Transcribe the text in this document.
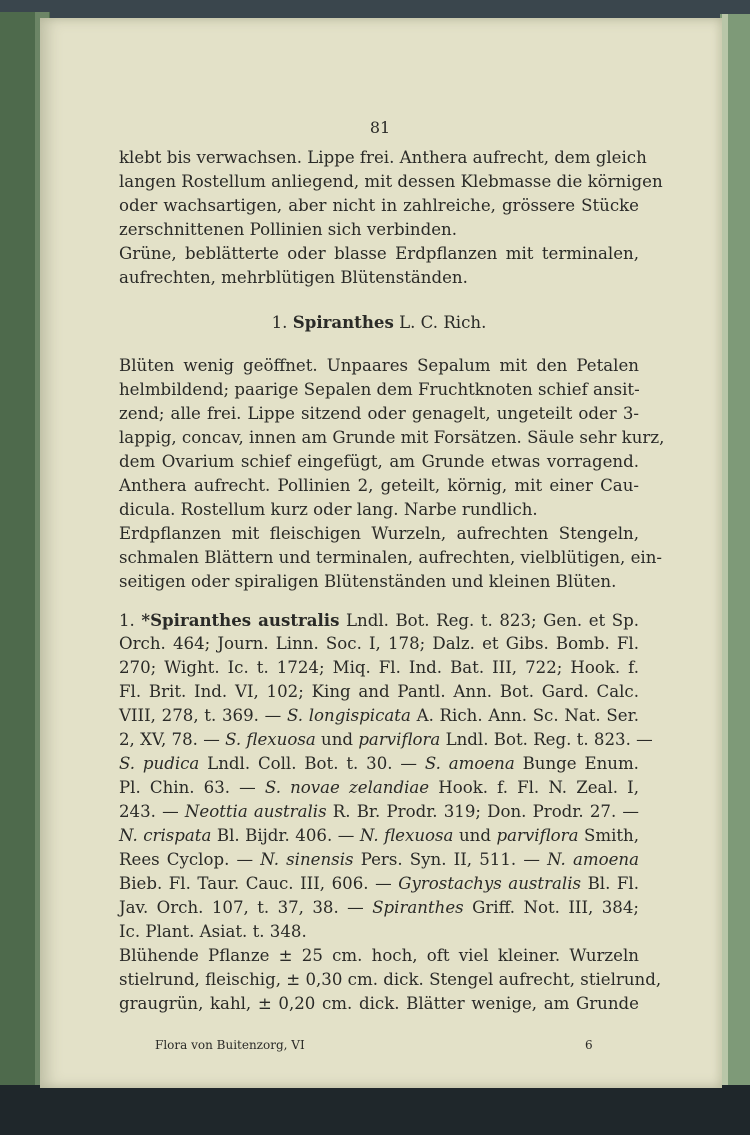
81
klebt bis verwachsen. Lippe frei. Anthera aufrecht, dem gleich
langen Rostellum anliegend, mit dessen Klebmasse die körnigen
oder wachsartigen, aber nicht in zahlreiche, grössere Stücke
zerschnittenen Pollinien sich verbinden.
Grüne, beblätterte oder blasse Erdpflanzen mit terminalen,
aufrechten, mehrblütigen Blütenständen.
1. Spiranthes L. C. Rich.
Blüten wenig geöffnet. Unpaares Sepalum mit den Petalen
helmbildend; paarige Sepalen dem Fruchtknoten schief ansit-
zend; alle frei. Lippe sitzend oder genagelt, ungeteilt oder 3-
lappig, concav, innen am Grunde mit Forsätzen. Säule sehr kurz,
dem Ovarium schief eingefügt, am Grunde etwas vorragend.
Anthera aufrecht. Pollinien 2, geteilt, körnig, mit einer Cau-
dicula. Rostellum kurz oder lang. Narbe rundlich.
Erdpflanzen mit fleischigen Wurzeln, aufrechten Stengeln,
schmalen Blättern und terminalen, aufrechten, vielblütigen, ein-
seitigen oder spiraligen Blütenständen und kleinen Blüten.
1. *Spiranthes australis Lndl. Bot. Reg. t. 823; Gen. et Sp.
Orch. 464; Journ. Linn. Soc. I, 178; Dalz. et Gibs. Bomb. Fl.
270; Wight. Ic. t. 1724; Miq. Fl. Ind. Bat. III, 722; Hook. f.
Fl. Brit. Ind. VI, 102; King and Pantl. Ann. Bot. Gard. Calc.
VIII, 278, t. 369. — S. longispicata A. Rich. Ann. Sc. Nat. Ser.
2, XV, 78. — S. flexuosa und parviflora Lndl. Bot. Reg. t. 823. —
S. pudica Lndl. Coll. Bot. t. 30. — S. amoena Bunge Enum.
Pl. Chin. 63. — S. novae zelandiae Hook. f. Fl. N. Zeal. I,
243. — Neottia australis R. Br. Prodr. 319; Don. Prodr. 27. —
N. crispata Bl. Bijdr. 406. — N. flexuosa und parviflora Smith,
Rees Cyclop. — N. sinensis Pers. Syn. II, 511. — N. amoena
Bieb. Fl. Taur. Cauc. III, 606. — Gyrostachys australis Bl. Fl.
Jav. Orch. 107, t. 37, 38. — Spiranthes Griff. Not. III, 384;
Ic. Plant. Asiat. t. 348.
Blühende Pflanze ± 25 cm. hoch, oft viel kleiner. Wurzeln
stielrund, fleischig, ± 0,30 cm. dick. Stengel aufrecht, stielrund,
graugrün, kahl, ± 0,20 cm. dick. Blätter wenige, am Grunde
Flora von Buitenzorg, VI	6
